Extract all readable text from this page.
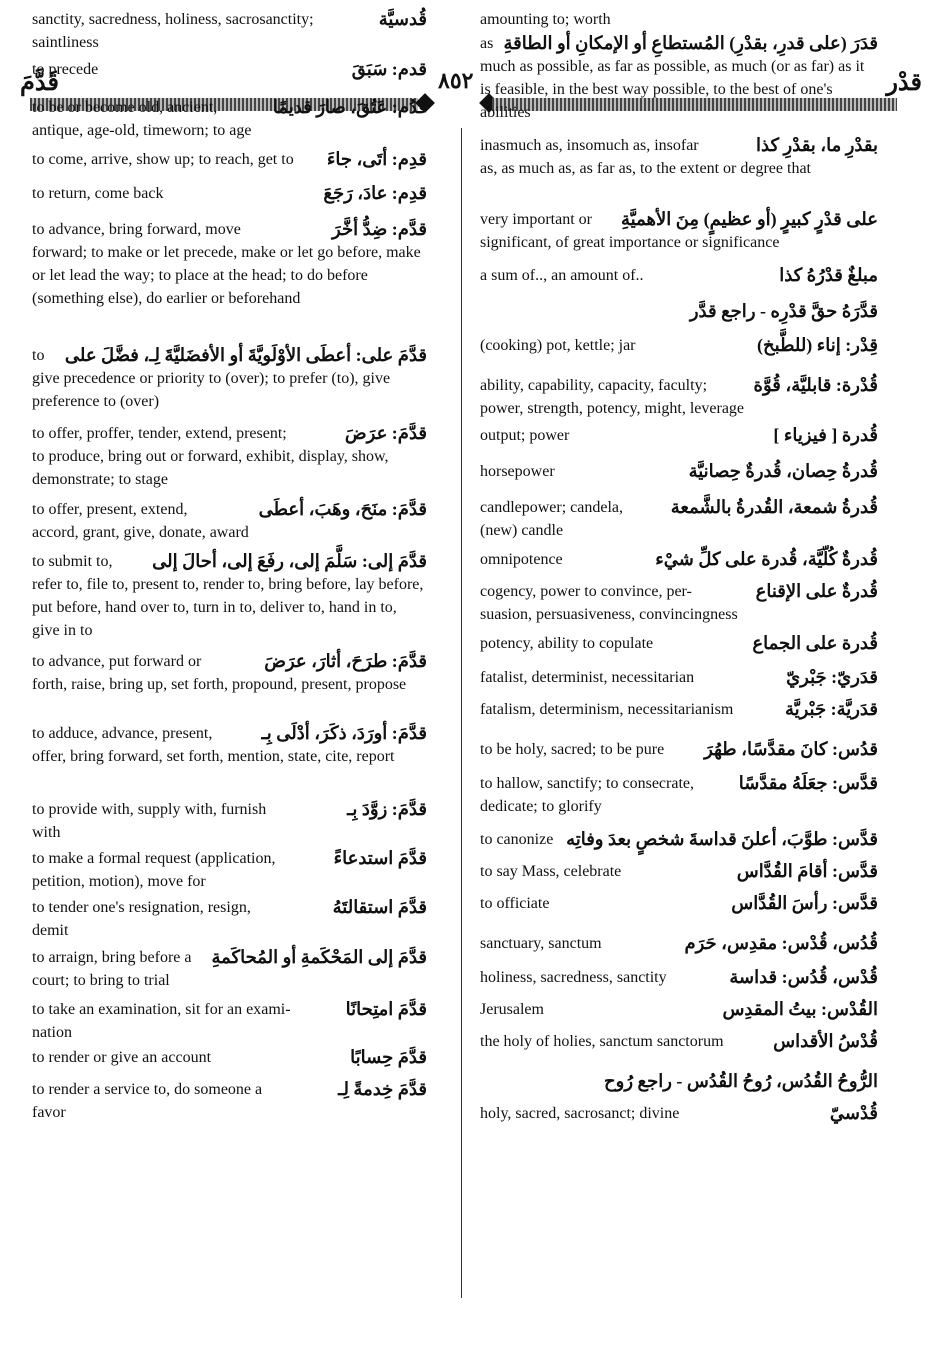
قَدَّمَ	٨٥٢	قدْر
قُدسيَّة
sanctity, sacredness, holiness, sacrosanctity;
saintliness
قدم: سَبَقَ
to precede
قدُم: عَتُقَ، صارَ قديمًا
to be or become old, ancient,
antique, age-old, timeworn; to age
قدِم: أتَى، جاءَ
to come, arrive, show up; to reach, get to
قدِم: عادَ، رَجَعَ
to return, come back
قدَّم: ضِدُّ أخَّرَ
to advance, bring forward, move
forward; to make or let precede, make or let go before, make or let lead the way; to place at the head; to do before (something else), do earlier or beforehand
قدَّمَ على: أعطَى الأوْلَويَّةَ أو الأفضَليَّةَ لِـ، فضَّلَ على
to
give precedence or priority to (over); to prefer (to), give preference to (over)
قدَّمَ: عرَضَ
to offer, proffer, tender, extend, present;
to produce, bring out or forward, exhibit, display, show, demonstrate; to stage
قدَّمَ: منَحَ، وهَبَ، أعطَى
to offer, present, extend,
accord, grant, give, donate, award
قدَّمَ إلى: سَلَّمَ إلى، رفَعَ إلى، أحالَ إلى
to submit to,
refer to, file to, present to, render to, bring before, lay before, put before, hand over to, turn in to, deliver to, hand in to, give in to
قدَّمَ: طرَحَ، أثارَ، عرَضَ
to advance, put forward or
forth, raise, bring up, set forth, propound, present, propose
قدَّمَ: أورَدَ، ذكَرَ، أدْلَى بِـ
to adduce, advance, present,
offer, bring forward, set forth, mention, state, cite, report
قدَّمَ: زوَّدَ بِـ
to provide with, supply with, furnish
with
قدَّمَ استدعاءً
to make a formal request (application,
petition, motion), move for
قدَّمَ استقالتَهُ
to tender one's resignation, resign,
demit
قدَّمَ إلى المَحْكَمةِ أو المُحاكَمةِ
to arraign, bring before a
court; to bring to trial
قدَّمَ امتِحانًا
to take an examination, sit for an exami-
nation
قدَّمَ حِسابًا
to render or give an account
قدَّمَ خِدمةً لِـ
to render a service to, do someone a
favor
amounting to; worth
قدَرَ (على قدرِ، بقدْرِ) المُستطاعِ أو الإمكانِ أو الطاقةِ
as
much as possible, as far as possible, as much (or as far) as it is feasible, in the best way possible, to the best of one's abilities
بقدْرِ ما، بقدْرِ كذا
inasmuch as, insomuch as, insofar
as, as much as, as far as, to the extent or degree that
على قدْرٍ كبيرٍ (أو عظيمٍ) مِنَ الأهميَّةِ
very important or
significant, of great importance or significance
مبلغٌ قدْرُهُ كذا
a sum of.., an amount of..
قدَّرَهُ حقَّ قدْرِه - راجع قدَّر
قِدْر: إناء (للطَّبخ)
(cooking) pot, kettle; jar
قُدْرة: قابليَّة، قُوَّة
ability, capability, capacity, faculty;
power, strength, potency, might, leverage
قُدرة [ فيزياء ]
output; power
قُدرةُ حِصان، قُدرةٌ حِصانيَّة
horsepower
قُدرةُ شمعة، القُدرةُ بالشَّمعة
candlepower; candela,
(new) candle
قُدرةٌ كُلّيَّة، قُدرة على كلِّ شيْء
omnipotence
قُدرةٌ على الإقناع
cogency, power to convince, per-
suasion, persuasiveness, convincingness
قُدرة على الجماع
potency, ability to copulate
قدَريّ: جَبْريّ
fatalist, determinist, necessitarian
قدَريَّة: جَبْريَّة
fatalism, determinism, necessitarianism
قدُس: كانَ مقدَّسًا، طهُرَ
to be holy, sacred; to be pure
قدَّس: جعَلَهُ مقدَّسًا
to hallow, sanctify; to consecrate,
dedicate; to glorify
قدَّس: طوَّبَ، أعلنَ قداسةَ شخصٍ بعدَ وفاتِه
to canonize
قدَّس: أقامَ القُدَّاس
to say Mass, celebrate
قدَّس: رأسَ القُدَّاس
to officiate
قُدُس، قُدْس: مقدِس، حَرَم
sanctuary, sanctum
قُدْس، قُدُس: قداسة
holiness, sacredness, sanctity
القُدْس: بيتُ المقدِس
Jerusalem
قُدْسُ الأقداس
the holy of holies, sanctum sanctorum
الرُّوحُ القُدُس، رُوحُ القُدُس - راجع رُوح
قُدْسيّ
holy, sacred, sacrosanct; divine
